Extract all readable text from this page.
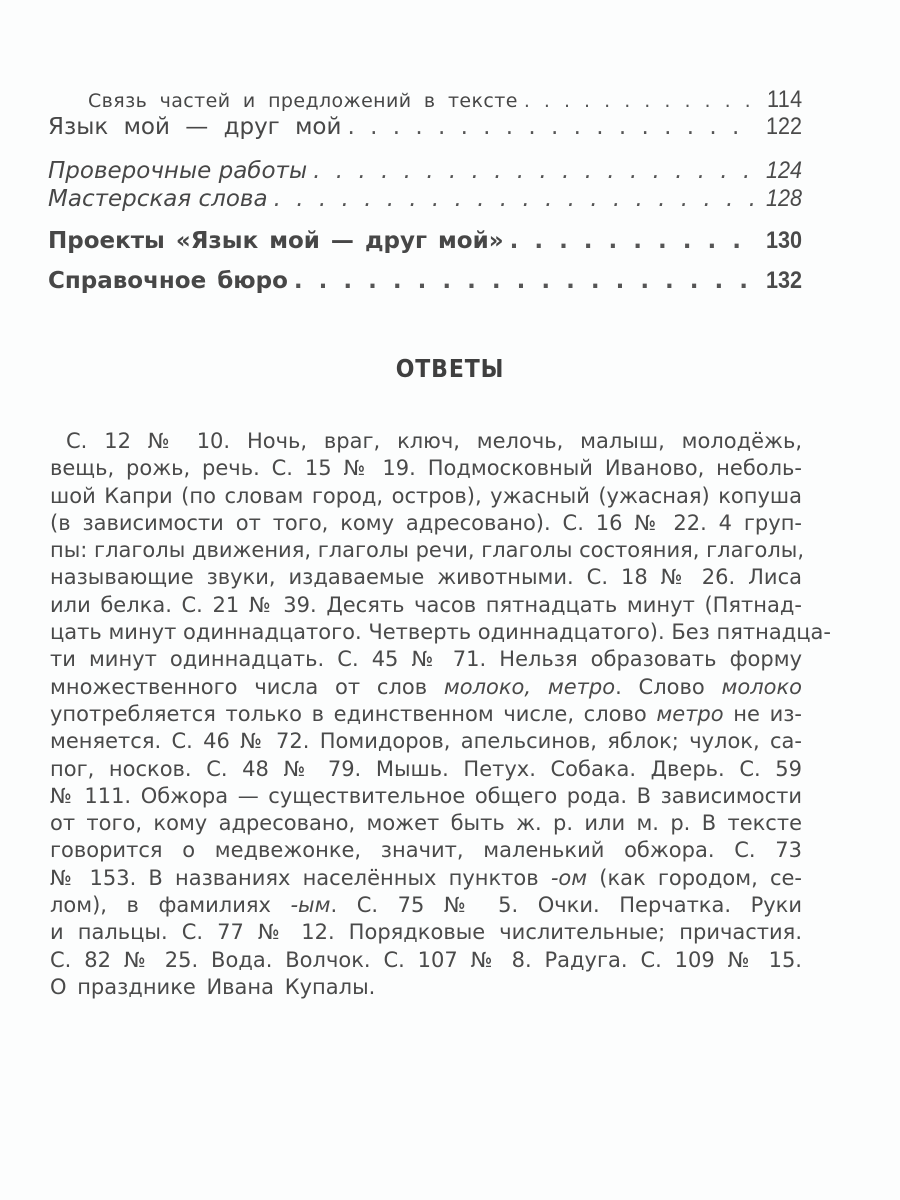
Связь частей и предложений в тексте . . .	114
Язык мой — друг мой . . .	122
Проверочные работы . . .	124
Мастерская слова . . .	128
Проекты «Язык мой — друг мой» . . .	130
Справочное бюро . . .	132
ОТВЕТЫ
С. 12 № 10. Ночь, враг, ключ, мелочь, малыш, молодёжь,
вещь, рожь, речь. С. 15 № 19. Подмосковный Иваново, неболь-
шой Капри (по словам город, остров), ужасный (ужасная) копуша
(в зависимости от того, кому адресовано). С. 16 № 22. 4 груп-
пы: глаголы движения, глаголы речи, глаголы состояния, глаголы,
называющие звуки, издаваемые животными. С. 18 № 26. Лиса
или белка. С. 21 № 39. Десять часов пятнадцать минут (Пятнад-
цать минут одиннадцатого. Четверть одиннадцатого). Без пятнадца-
ти минут одиннадцать. С. 45 № 71. Нельзя образовать форму
множественного числа от слов молоко, метро. Слово молоко
употребляется только в единственном числе, слово метро не из-
меняется. С. 46 № 72. Помидоров, апельсинов, яблок; чулок, са-
пог, носков. С. 48 № 79. Мышь. Петух. Собака. Дверь. С. 59
№ 111. Обжора — существительное общего рода. В зависимости
от того, кому адресовано, может быть ж. р. или м. р. В тексте
говорится о медвежонке, значит, маленький обжора. С. 73
№ 153. В названиях населённых пунктов -ом (как городом, се-
лом), в фамилиях -ым. С. 75 № 5. Очки. Перчатка. Руки
и пальцы. С. 77 № 12. Порядковые числительные; причастия.
С. 82 № 25. Вода. Волчок. С. 107 № 8. Радуга. С. 109 № 15.
О празднике Ивана Купалы.
